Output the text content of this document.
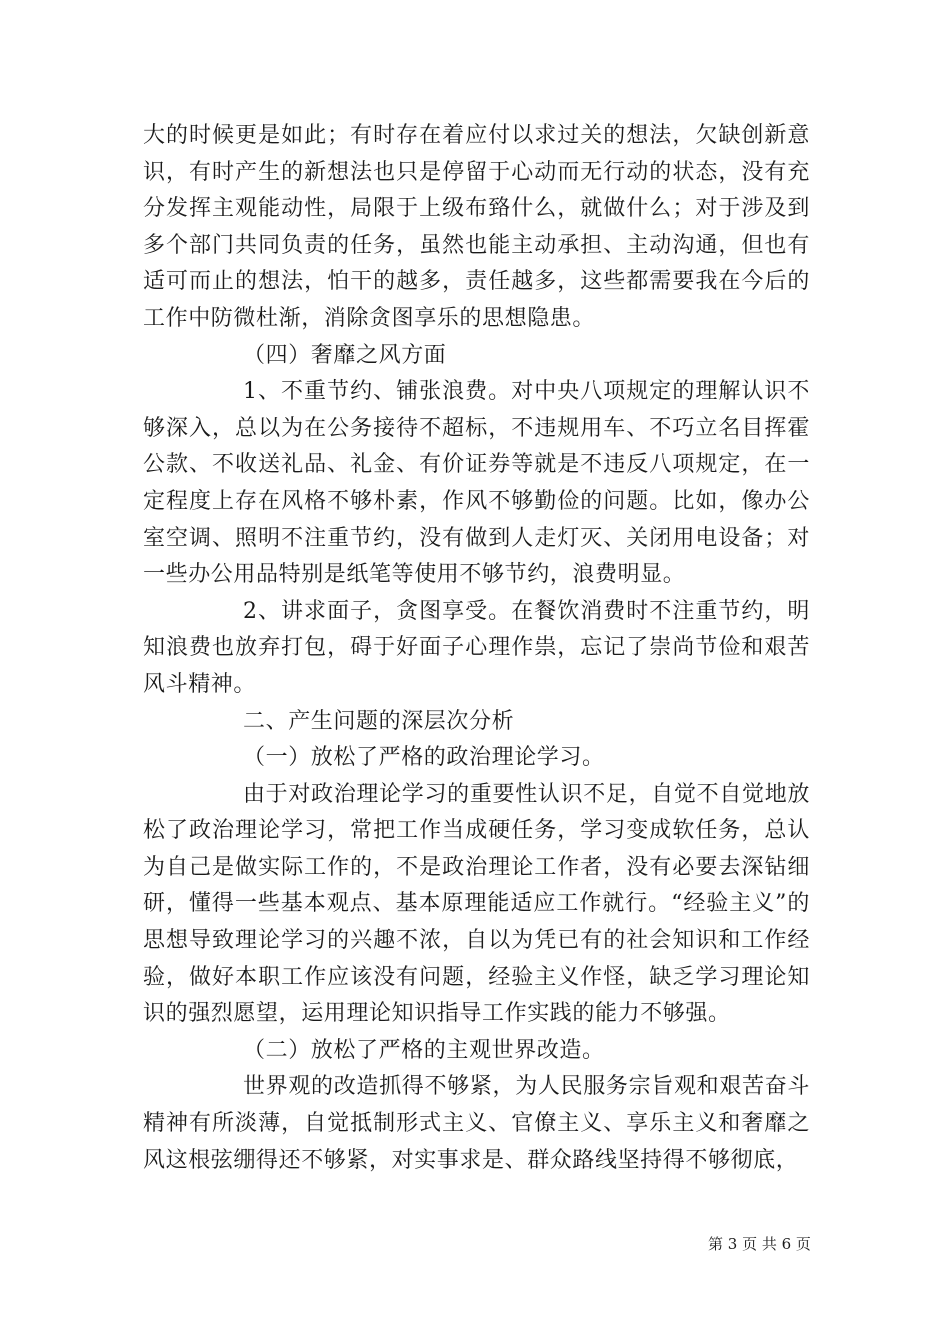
大的时候更是如此；有时存在着应付以求过关的想法，欠缺创新意识，有时产生的新想法也只是停留于心动而无行动的状态，没有充分发挥主观能动性，局限于上级布臵什么，就做什么；对于涉及到多个部门共同负责的任务，虽然也能主动承担、主动沟通，但也有适可而止的想法，怕干的越多，责任越多，这些都需要我在今后的工作中防微杜渐，消除贪图享乐的思想隐患。

（四）奢靡之风方面

1、不重节约、铺张浪费。对中央八项规定的理解认识不够深入，总以为在公务接待不超标，不违规用车、不巧立名目挥霍公款、不收送礼品、礼金、有价证券等就是不违反八项规定，在一定程度上存在风格不够朴素，作风不够勤俭的问题。比如，像办公室空调、照明不注重节约，没有做到人走灯灭、关闭用电设备；对一些办公用品特别是纸笔等使用不够节约，浪费明显。

2、讲求面子，贪图享受。在餐饮消费时不注重节约，明知浪费也放弃打包，碍于好面子心理作祟，忘记了崇尚节俭和艰苦风斗精神。

二、产生问题的深层次分析

（一）放松了严格的政治理论学习。

由于对政治理论学习的重要性认识不足，自觉不自觉地放松了政治理论学习，常把工作当成硬任务，学习变成软任务，总认为自己是做实际工作的，不是政治理论工作者，没有必要去深钻细研，懂得一些基本观点、基本原理能适应工作就行。“经验主义”的思想导致理论学习的兴趣不浓，自以为凭已有的社会知识和工作经验，做好本职工作应该没有问题，经验主义作怪，缺乏学习理论知识的强烈愿望，运用理论知识指导工作实践的能力不够强。

（二）放松了严格的主观世界改造。

世界观的改造抓得不够紧，为人民服务宗旨观和艰苦奋斗精神有所淡薄，自觉抵制形式主义、官僚主义、享乐主义和奢靡之风这根弦绷得还不够紧，对实事求是、群众路线坚持得不够彻底，

第 3 页 共 6 页
